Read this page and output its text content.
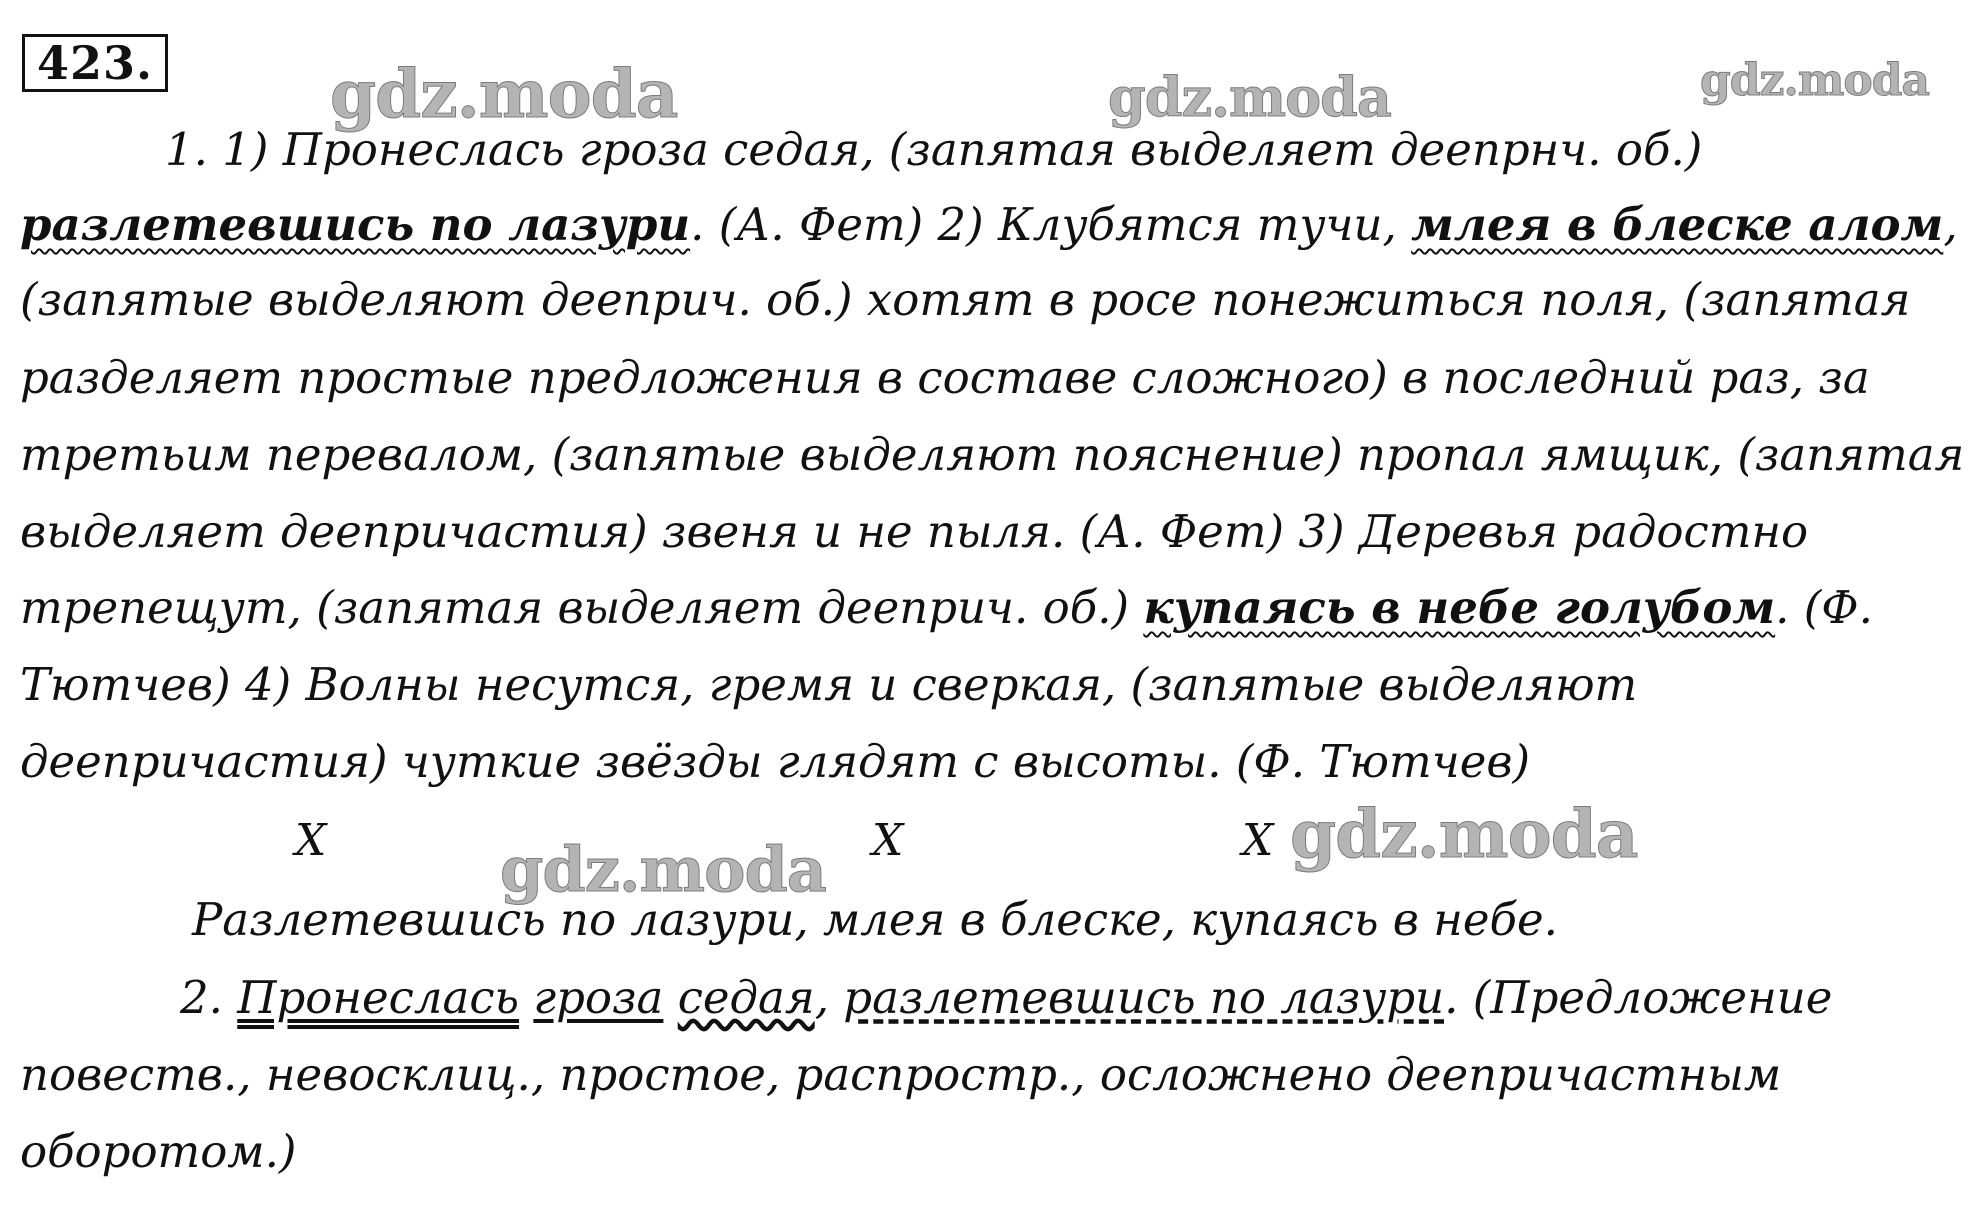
423.	gdz.moda	gdz.moda	gdz.moda
gdz.moda	gdz.moda
1. 1) Пронеслась гроза седая, (запятая выделяет деепрнч. об.)
разлетевшись по лазури. (А. Фет) 2) Клубятся тучи, млея в блеске алом,
(запятые выделяют дееприч. об.) хотят в росе понежиться поля, (запятая
разделяет простые предложения в составе сложного) в последний раз, за
третьим перевалом, (запятые выделяют пояснение) пропал ямщик, (запятая
выделяет деепричастия) звеня и не пыля. (А. Фет) 3) Деревья радостно
трепещут, (запятая выделяет дееприч. об.) купаясь в небе голубом. (Ф.
Тютчев) 4) Волны несутся, гремя и сверкая, (запятые выделяют
деепричастия) чуткие звёзды глядят с высоты. (Ф. Тютчев)
X	X	X
Разлетевшись по лазури, млея в блеске, купаясь в небе.
2. Пронеслась гроза седая, разлетевшись по лазури. (Предложение
повеств., невосклиц., простое, распростр., осложнено деепричастным
оборотом.)
